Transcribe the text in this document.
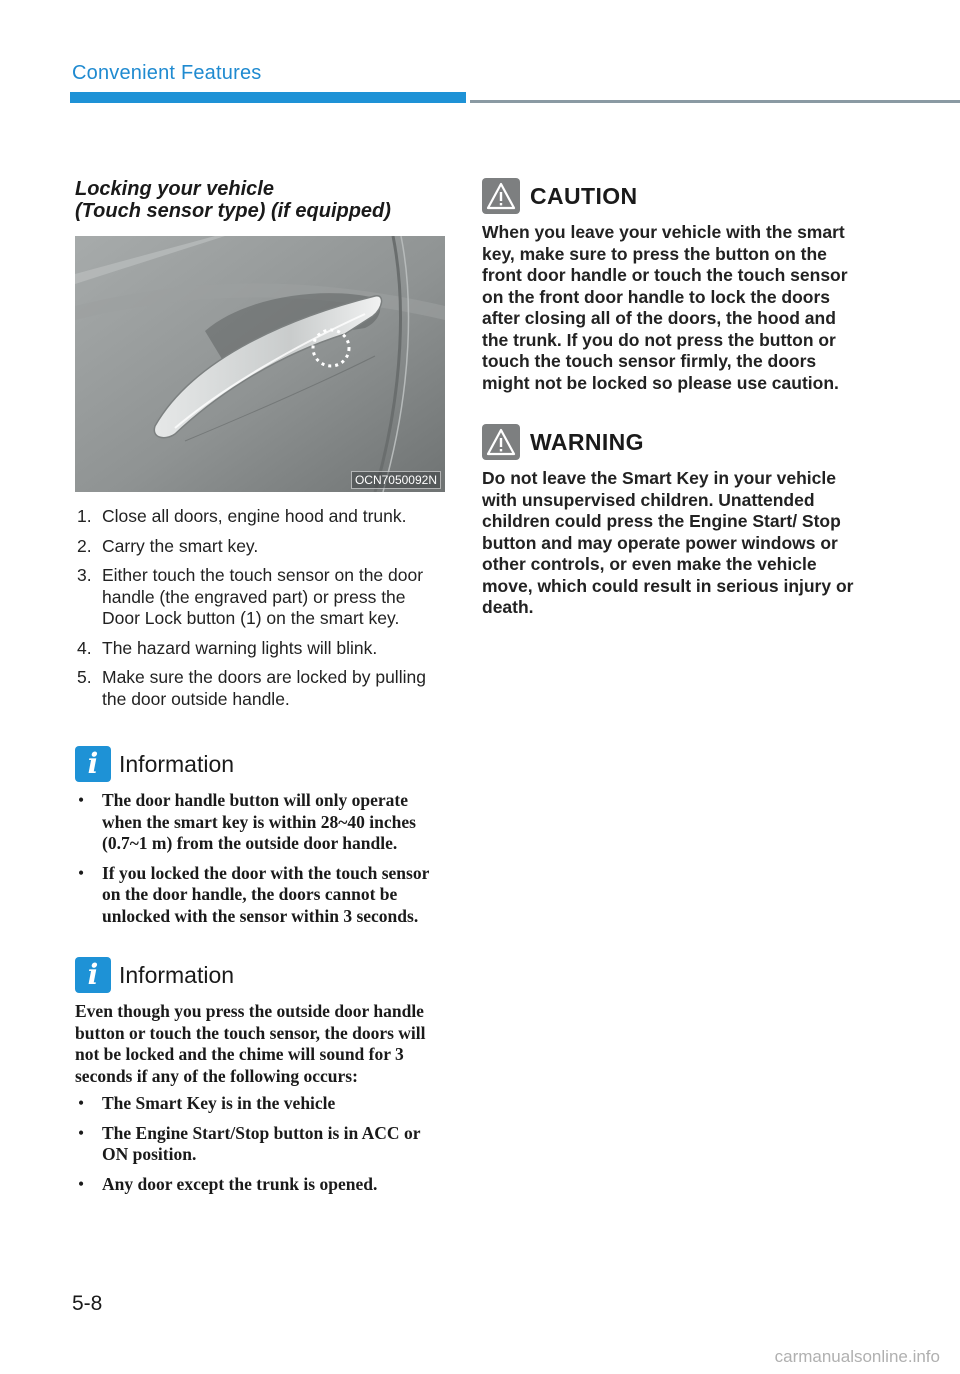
Convenient Features
Locking your vehicle
(Touch sensor type) (if equipped)
OCN7050092N
1. Close all doors, engine hood and trunk.
2. Carry the smart key.
3. Either touch the touch sensor on the door handle (the engraved part) or press the Door Lock button (1) on the smart key.
4. The hazard warning lights will blink.
5. Make sure the doors are locked by pulling the door outside handle.
i Information
• The door handle button will only operate when the smart key is within 28~40 inches (0.7~1 m) from the outside door handle.
• If you locked the door with the touch sensor on the door handle, the doors cannot be unlocked with the sensor within 3 seconds.
i Information
Even though you press the outside door handle button or touch the touch sensor, the doors will not be locked and the chime will sound for 3 seconds if any of the following occurs:
• The Smart Key is in the vehicle
• The Engine Start/Stop button is in ACC or ON position.
• Any door except the trunk is opened.
CAUTION
When you leave your vehicle with the smart key, make sure to press the button on the front door handle or touch the touch sensor on the front door handle to lock the doors after closing all of the doors, the hood and the trunk. If you do not press the button or touch the touch sensor firmly, the doors might not be locked so please use caution.
WARNING
Do not leave the Smart Key in your vehicle with unsupervised children. Unattended children could press the Engine Start/ Stop button and may operate power windows or other controls, or even make the vehicle move, which could result in serious injury or death.
5-8
carmanualsonline.info
